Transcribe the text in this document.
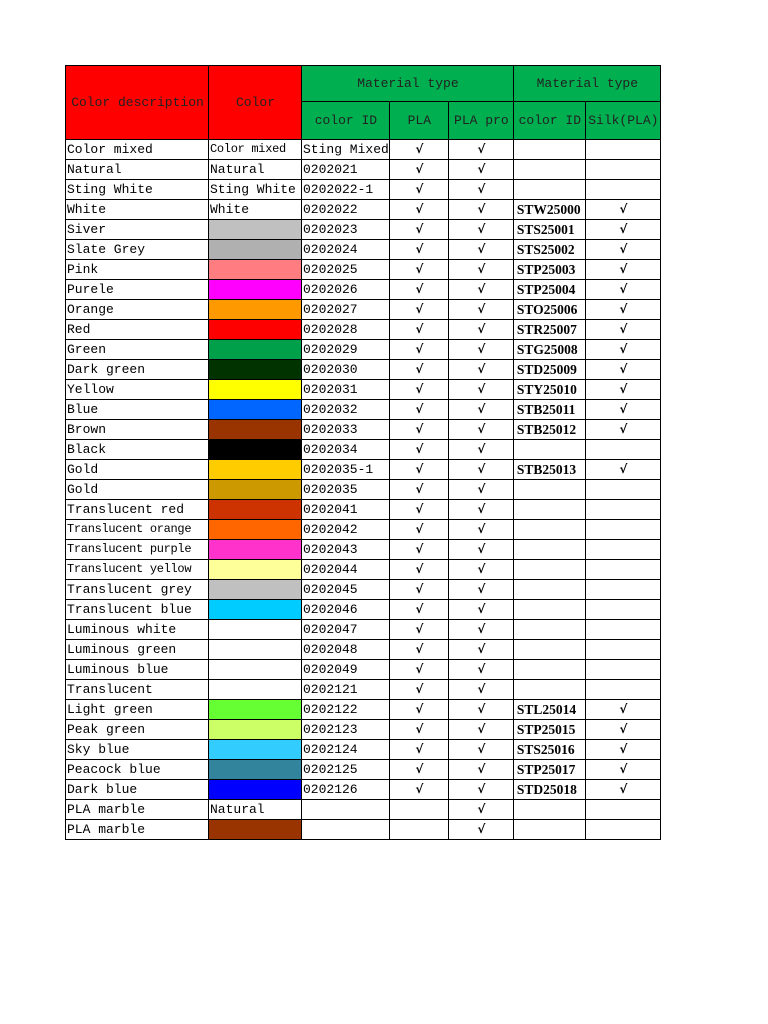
Color description	Color	Material type			Material type	
		color ID	PLA	PLA pro	color ID	Silk(PLA)
Color mixed	Color mixed	Sting Mixed	√	√		
Natural	Natural	0202021	√	√		
Sting White	Sting White	0202022-1	√	√		
White	White	0202022	√	√	STW25000	√
Siver		0202023	√	√	STS25001	√
Slate Grey		0202024	√	√	STS25002	√
Pink		0202025	√	√	STP25003	√
Purele		0202026	√	√	STP25004	√
Orange		0202027	√	√	STO25006	√
Red		0202028	√	√	STR25007	√
Green		0202029	√	√	STG25008	√
Dark green		0202030	√	√	STD25009	√
Yellow		0202031	√	√	STY25010	√
Blue		0202032	√	√	STB25011	√
Brown		0202033	√	√	STB25012	√
Black		0202034	√	√		
Gold		0202035-1	√	√	STB25013	√
Gold		0202035	√	√		
Translucent red		0202041	√	√		
Translucent orange		0202042	√	√		
Translucent purple		0202043	√	√		
Translucent yellow		0202044	√	√		
Translucent grey		0202045	√	√		
Translucent blue		0202046	√	√		
Luminous white		0202047	√	√		
Luminous green		0202048	√	√		
Luminous blue		0202049	√	√		
Translucent		0202121	√	√		
Light green		0202122	√	√	STL25014	√
Peak green		0202123	√	√	STP25015	√
Sky blue		0202124	√	√	STS25016	√
Peacock blue		0202125	√	√	STP25017	√
Dark blue		0202126	√	√	STD25018	√
PLA marble	Natural			√		
PLA marble				√		
